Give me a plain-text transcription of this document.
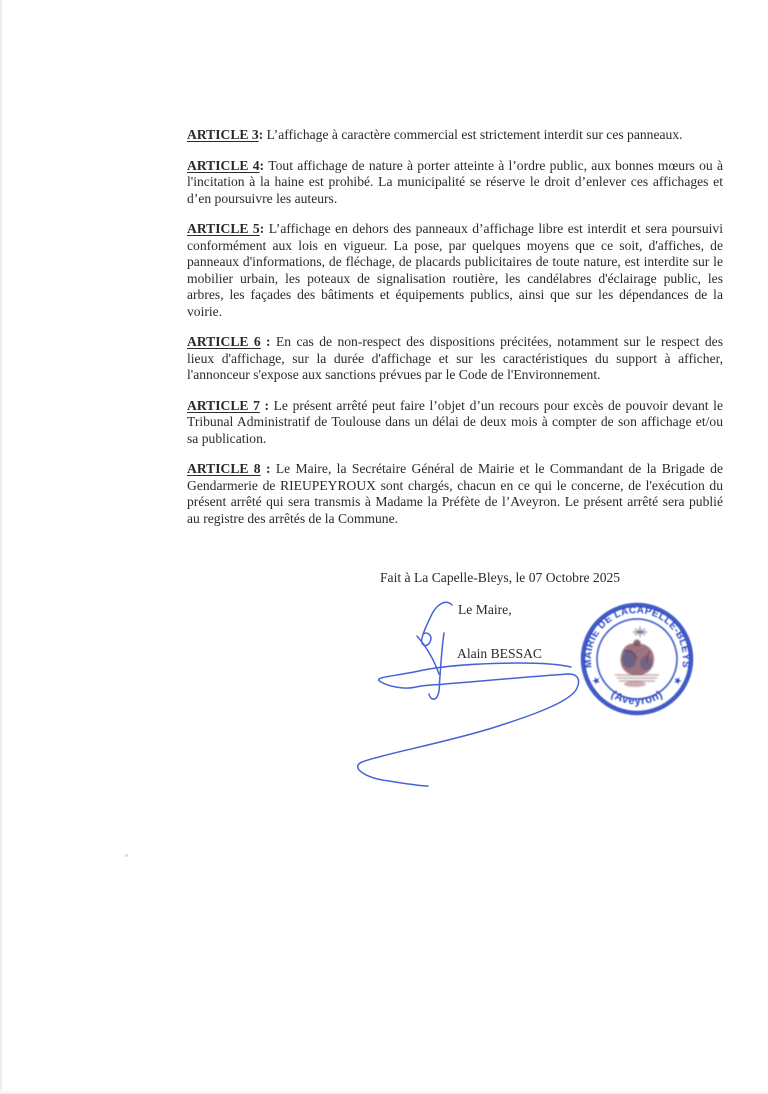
ARTICLE 3: L’affichage à caractère commercial est strictement interdit sur ces panneaux.

ARTICLE 4: Tout affichage de nature à porter atteinte à l’ordre public, aux bonnes mœurs ou à l'incitation à la haine est prohibé. La municipalité se réserve le droit d’enlever ces affichages et d’en poursuivre les auteurs.

ARTICLE 5: L’affichage en dehors des panneaux d’affichage libre est interdit et sera poursuivi conformément aux lois en vigueur. La pose, par quelques moyens que ce soit, d'affiches, de panneaux d'informations, de fléchage, de placards publicitaires de toute nature, est interdite sur le mobilier urbain, les poteaux de signalisation routière, les candélabres d'éclairage public, les arbres, les façades des bâtiments et équipements publics, ainsi que sur les dépendances de la voirie.

ARTICLE 6 : En cas de non-respect des dispositions précitées, notamment sur le respect des lieux d'affichage, sur la durée d'affichage et sur les caractéristiques du support à afficher, l'annonceur s'expose aux sanctions prévues par le Code de l'Environnement.

ARTICLE 7 : Le présent arrêté peut faire l’objet d’un recours pour excès de pouvoir devant le Tribunal Administratif de Toulouse dans un délai de deux mois à compter de son affichage et/ou sa publication.

ARTICLE 8 : Le Maire, la Secrétaire Général de Mairie et le Commandant de la Brigade de Gendarmerie de RIEUPEYROUX sont chargés, chacun en ce qui le concerne, de l'exécution du présent arrêté qui sera transmis à Madame la Préfète de l’Aveyron. Le présent arrêté sera publié au registre des arrêtés de la Commune.

Fait à La Capelle-Bleys, le 07 Octobre 2025
Le Maire,
Alain BESSAC
MAIRIE DE LACAPELLE-BLEYS
(Aveyron)
★	★
